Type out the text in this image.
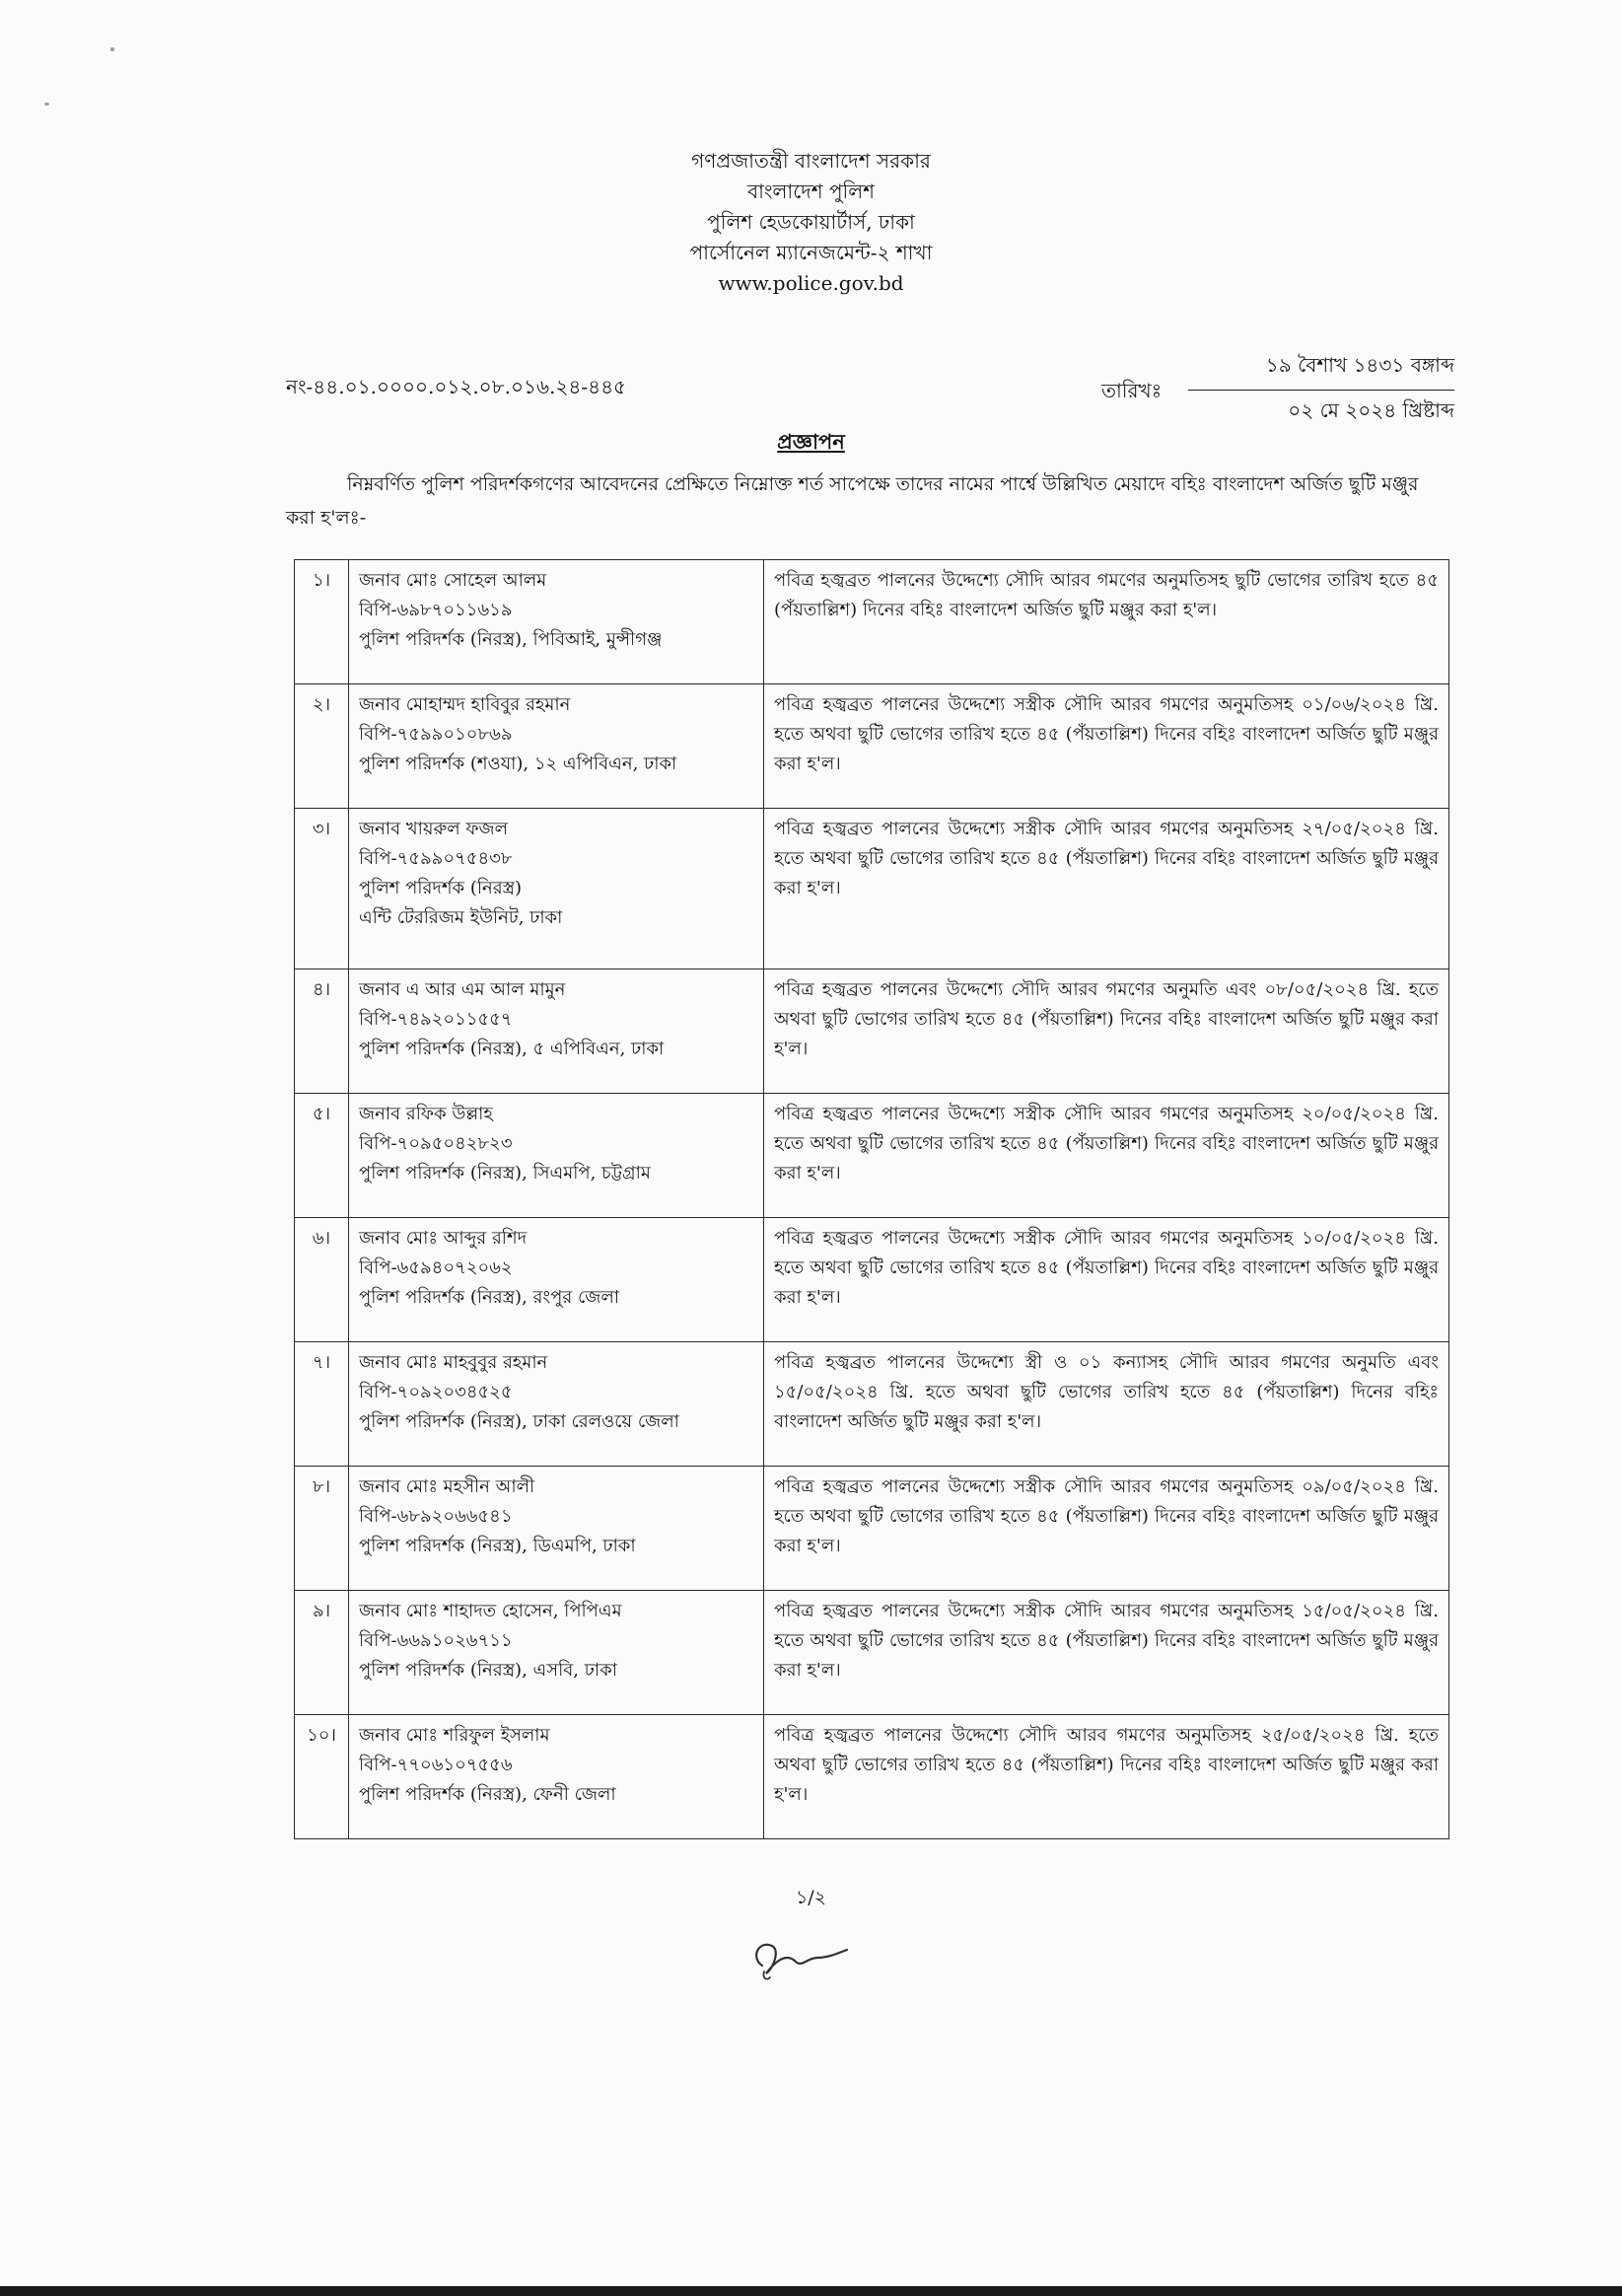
গণপ্রজাতন্ত্রী বাংলাদেশ সরকার
বাংলাদেশ পুলিশ
পুলিশ হেডকোয়ার্টার্স, ঢাকা
পার্সোনেল ম্যানেজমেন্ট-২ শাখা
www.police.gov.bd
নং-৪৪.০১.০০০০.০১২.০৮.০১৬.২৪-৪৪৫	তারিখঃ
১৯ বৈশাখ ১৪৩১ বঙ্গাব্দ
০২ মে ২০২৪ খ্রিষ্টাব্দ
প্রজ্ঞাপন
নিম্নবর্ণিত পুলিশ পরিদর্শকগণের আবেদনের প্রেক্ষিতে নিম্নোক্ত শর্ত সাপেক্ষে তাদের নামের পার্শ্বে উল্লিখিত মেয়াদে বহিঃ বাংলাদেশ অর্জিত ছুটি মঞ্জুর করা হ'লঃ-
১।	জনাব মোঃ সোহেল আলম
বিপি-৬৯৮৭০১১৬১৯
পুলিশ পরিদর্শক (নিরস্ত্র), পিবিআই, মুন্সীগঞ্জ	পবিত্র হজ্বব্রত পালনের উদ্দেশ্যে সৌদি আরব গমণের অনুমতিসহ ছুটি ভোগের তারিখ হতে ৪৫ (পঁয়তাল্লিশ) দিনের বহিঃ বাংলাদেশ অর্জিত ছুটি মঞ্জুর করা হ'ল।
২।	জনাব মোহাম্মদ হাবিবুর রহমান
বিপি-৭৫৯৯০১০৮৬৯
পুলিশ পরিদর্শক (শওযা), ১২ এপিবিএন, ঢাকা	পবিত্র হজ্বব্রত পালনের উদ্দেশ্যে সস্ত্রীক সৌদি আরব গমণের অনুমতিসহ ০১/০৬/২০২৪ খ্রি. হতে অথবা ছুটি ভোগের তারিখ হতে ৪৫ (পঁয়তাল্লিশ) দিনের বহিঃ বাংলাদেশ অর্জিত ছুটি মঞ্জুর করা হ'ল।
৩।	জনাব খায়রুল ফজল
বিপি-৭৫৯৯০৭৫৪৩৮
পুলিশ পরিদর্শক (নিরস্ত্র)
এন্টি টেররিজম ইউনিট, ঢাকা	পবিত্র হজ্বব্রত পালনের উদ্দেশ্যে সস্ত্রীক সৌদি আরব গমণের অনুমতিসহ ২৭/০৫/২০২৪ খ্রি. হতে অথবা ছুটি ভোগের তারিখ হতে ৪৫ (পঁয়তাল্লিশ) দিনের বহিঃ বাংলাদেশ অর্জিত ছুটি মঞ্জুর করা হ'ল।
৪।	জনাব এ আর এম আল মামুন
বিপি-৭৪৯২০১১৫৫৭
পুলিশ পরিদর্শক (নিরস্ত্র), ৫ এপিবিএন, ঢাকা	পবিত্র হজ্বব্রত পালনের উদ্দেশ্যে সৌদি আরব গমণের অনুমতি এবং ০৮/০৫/২০২৪ খ্রি. হতে অথবা ছুটি ভোগের তারিখ হতে ৪৫ (পঁয়তাল্লিশ) দিনের বহিঃ বাংলাদেশ অর্জিত ছুটি মঞ্জুর করা হ'ল।
৫।	জনাব রফিক উল্লাহ
বিপি-৭০৯৫০৪২৮২৩
পুলিশ পরিদর্শক (নিরস্ত্র), সিএমপি, চট্টগ্রাম	পবিত্র হজ্বব্রত পালনের উদ্দেশ্যে সস্ত্রীক সৌদি আরব গমণের অনুমতিসহ ২০/০৫/২০২৪ খ্রি. হতে অথবা ছুটি ভোগের তারিখ হতে ৪৫ (পঁয়তাল্লিশ) দিনের বহিঃ বাংলাদেশ অর্জিত ছুটি মঞ্জুর করা হ'ল।
৬।	জনাব মোঃ আব্দুর রশিদ
বিপি-৬৫৯৪০৭২০৬২
পুলিশ পরিদর্শক (নিরস্ত্র), রংপুর জেলা	পবিত্র হজ্বব্রত পালনের উদ্দেশ্যে সস্ত্রীক সৌদি আরব গমণের অনুমতিসহ ১০/০৫/২০২৪ খ্রি. হতে অথবা ছুটি ভোগের তারিখ হতে ৪৫ (পঁয়তাল্লিশ) দিনের বহিঃ বাংলাদেশ অর্জিত ছুটি মঞ্জুর করা হ'ল।
৭।	জনাব মোঃ মাহবুবুর রহমান
বিপি-৭০৯২০৩৪৫২৫
পুলিশ পরিদর্শক (নিরস্ত্র), ঢাকা রেলওয়ে জেলা	পবিত্র হজ্বব্রত পালনের উদ্দেশ্যে স্ত্রী ও ০১ কন্যাসহ সৌদি আরব গমণের অনুমতি এবং ১৫/০৫/২০২৪ খ্রি. হতে অথবা ছুটি ভোগের তারিখ হতে ৪৫ (পঁয়তাল্লিশ) দিনের বহিঃ বাংলাদেশ অর্জিত ছুটি মঞ্জুর করা হ'ল।
৮।	জনাব মোঃ মহসীন আলী
বিপি-৬৮৯২০৬৬৫৪১
পুলিশ পরিদর্শক (নিরস্ত্র), ডিএমপি, ঢাকা	পবিত্র হজ্বব্রত পালনের উদ্দেশ্যে সস্ত্রীক সৌদি আরব গমণের অনুমতিসহ ০৯/০৫/২০২৪ খ্রি. হতে অথবা ছুটি ভোগের তারিখ হতে ৪৫ (পঁয়তাল্লিশ) দিনের বহিঃ বাংলাদেশ অর্জিত ছুটি মঞ্জুর করা হ'ল।
৯।	জনাব মোঃ শাহাদত হোসেন, পিপিএম
বিপি-৬৬৯১০২৬৭১১
পুলিশ পরিদর্শক (নিরস্ত্র), এসবি, ঢাকা	পবিত্র হজ্বব্রত পালনের উদ্দেশ্যে সস্ত্রীক সৌদি আরব গমণের অনুমতিসহ ১৫/০৫/২০২৪ খ্রি. হতে অথবা ছুটি ভোগের তারিখ হতে ৪৫ (পঁয়তাল্লিশ) দিনের বহিঃ বাংলাদেশ অর্জিত ছুটি মঞ্জুর করা হ'ল।
১০।	জনাব মোঃ শরিফুল ইসলাম
বিপি-৭৭০৬১০৭৫৫৬
পুলিশ পরিদর্শক (নিরস্ত্র), ফেনী জেলা	পবিত্র হজ্বব্রত পালনের উদ্দেশ্যে সৌদি আরব গমণের অনুমতিসহ ২৫/০৫/২০২৪ খ্রি. হতে অথবা ছুটি ভোগের তারিখ হতে ৪৫ (পঁয়তাল্লিশ) দিনের বহিঃ বাংলাদেশ অর্জিত ছুটি মঞ্জুর করা হ'ল।
১/২
